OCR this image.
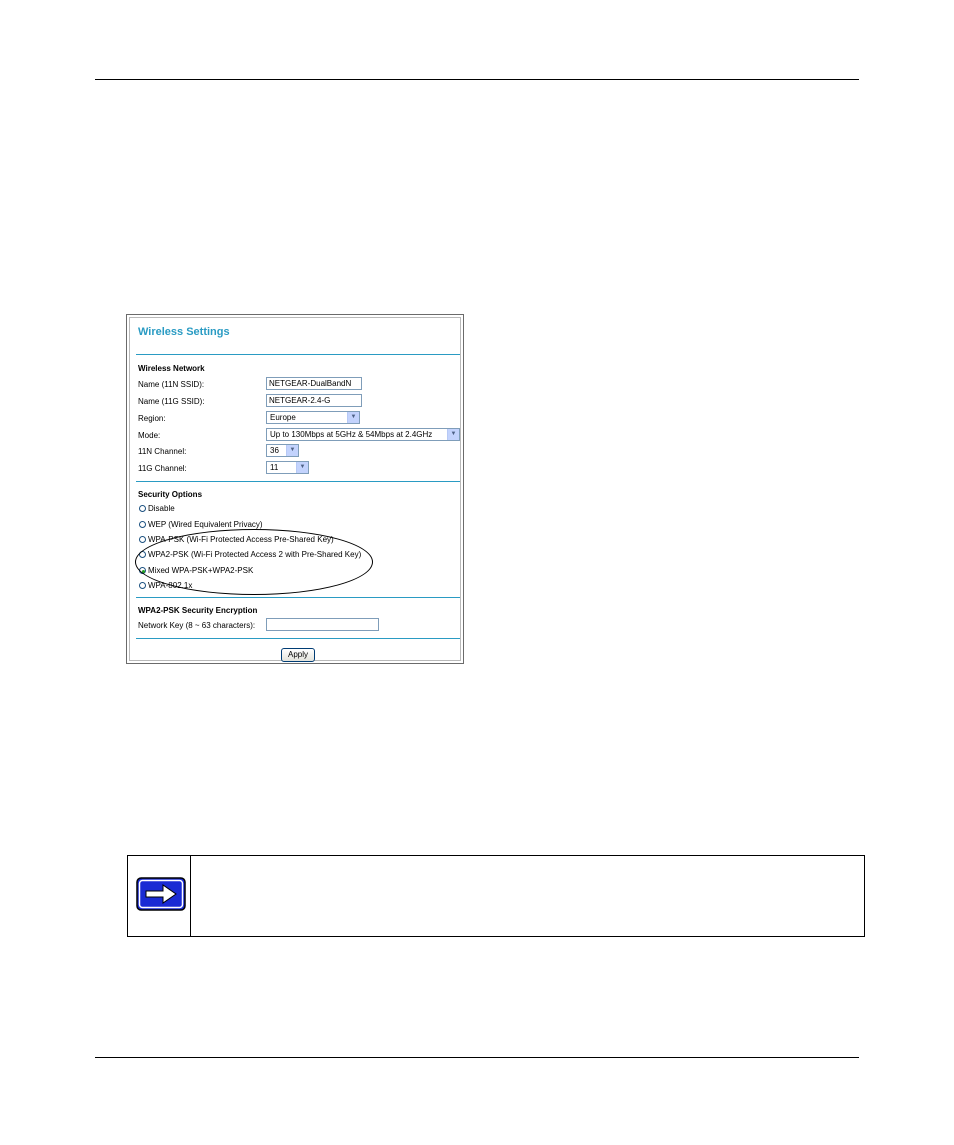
Wireless Settings
Wireless Network
Name (11N SSID):	NETGEAR-DualBandN
Name (11G SSID):	NETGEAR-2.4-G
Region:	Europe	▼
Mode:	Up to 130Mbps at 5GHz & 54Mbps at 2.4GHz	▼
11N Channel:	36	▼
11G Channel:	11	▼
Security Options
Disable
WEP (Wired Equivalent Privacy)
WPA-PSK (Wi-Fi Protected Access Pre-Shared Key)
WPA2-PSK (Wi-Fi Protected Access 2 with Pre-Shared Key)
Mixed WPA-PSK+WPA2-PSK
WPA-802.1x
WPA2-PSK Security Encryption
Network Key (8 ~ 63 characters):
Apply
